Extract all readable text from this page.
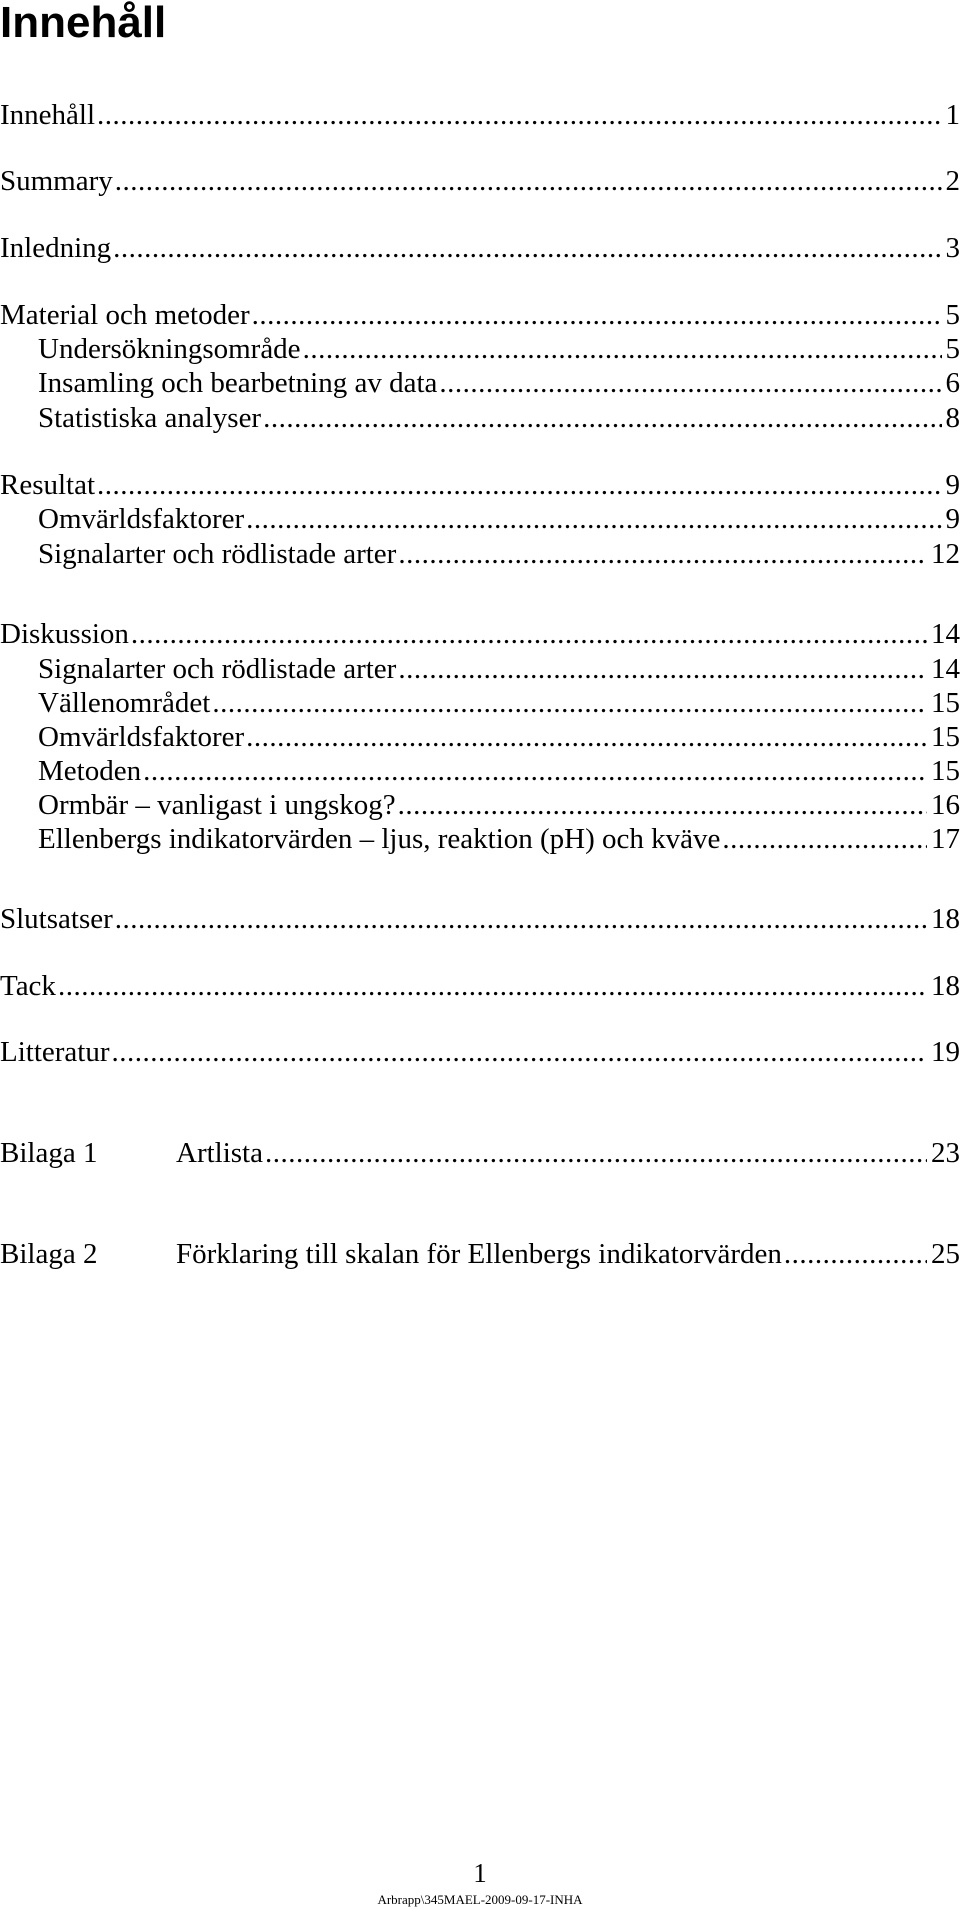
Innehåll
Innehåll .....	1
Summary .....	2
Inledning .....	3
Material och metoder .....	5
Undersökningsområde .....	5
Insamling och bearbetning av data .....	6
Statistiska analyser .....	8
Resultat .....	9
Omvärldsfaktorer .....	9
Signalarter och rödlistade arter .....	12
Diskussion .....	14
Signalarter och rödlistade arter .....	14
Vällenområdet .....	15
Omvärldsfaktorer .....	15
Metoden .....	15
Ormbär – vanligast i ungskog? .....	16
Ellenbergs indikatorvärden – ljus, reaktion (pH) och kväve .....	17
Slutsatser .....	18
Tack .....	18
Litteratur .....	19
Bilaga 1	Artlista .....	23
Bilaga 2	Förklaring till skalan för Ellenbergs indikatorvärden .....	25
1
Arbrapp\345MAEL-2009-09-17-INHA
